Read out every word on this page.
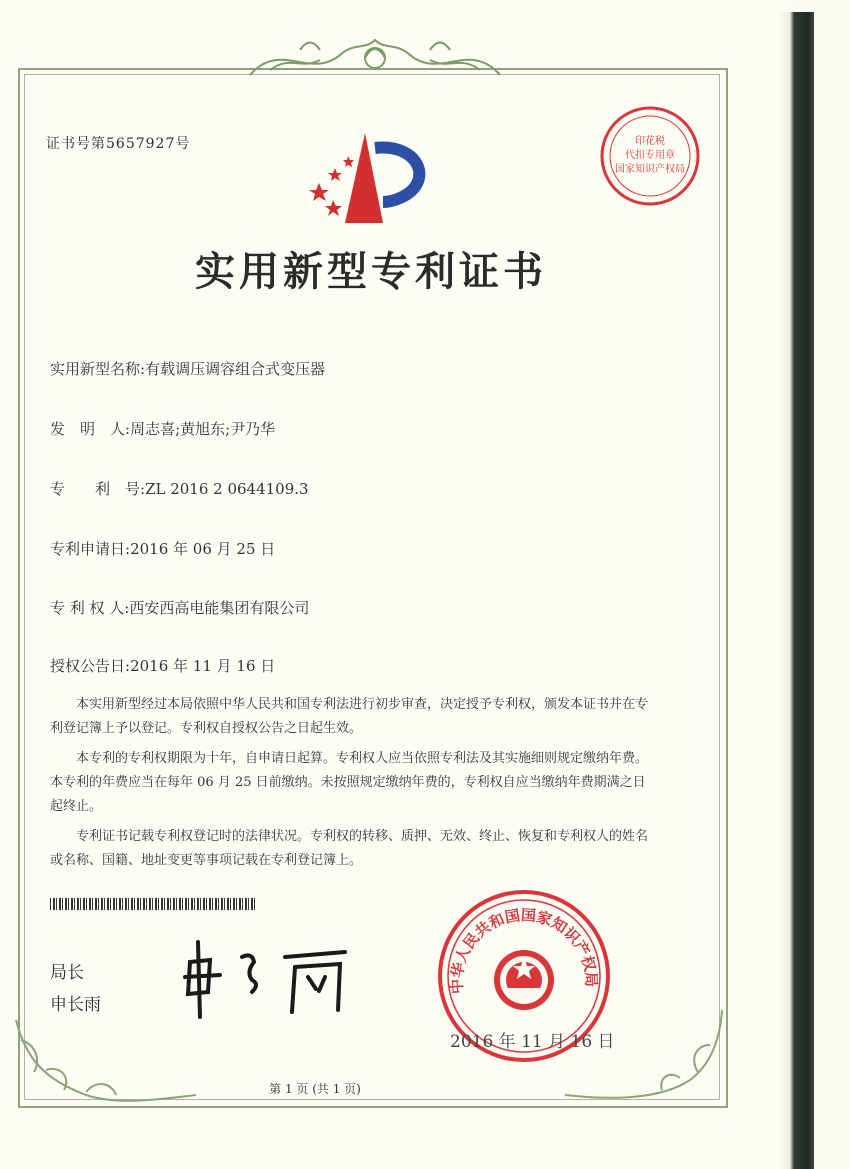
证书号第5657927号	印花税
代扣专用章
国家知识产权局
实用新型专利证书
实用新型名称:有载调压调容组合式变压器
发　明　人:周志喜;黄旭东;尹乃华
专　　利　号:ZL 2016 2 0644109.3
专利申请日:2016 年 06 月 25 日
专 利 权 人:西安西高电能集团有限公司
授权公告日:2016 年 11 月 16 日

本实用新型经过本局依照中华人民共和国专利法进行初步审查，决定授予专利权，颁发本证书并在专利登记簿上予以登记。专利权自授权公告之日起生效。

本专利的专利权期限为十年，自申请日起算。专利权人应当依照专利法及其实施细则规定缴纳年费。本专利的年费应当在每年 06 月 25 日前缴纳。未按照规定缴纳年费的，专利权自应当缴纳年费期满之日起终止。

专利证书记载专利权登记时的法律状况。专利权的转移、质押、无效、终止、恢复和专利权人的姓名或名称、国籍、地址变更等事项记载在专利登记簿上。

局长
申长雨
中华人民共和国国家知识产权局
2016 年 11 月 16 日
第 1 页 (共 1 页)
